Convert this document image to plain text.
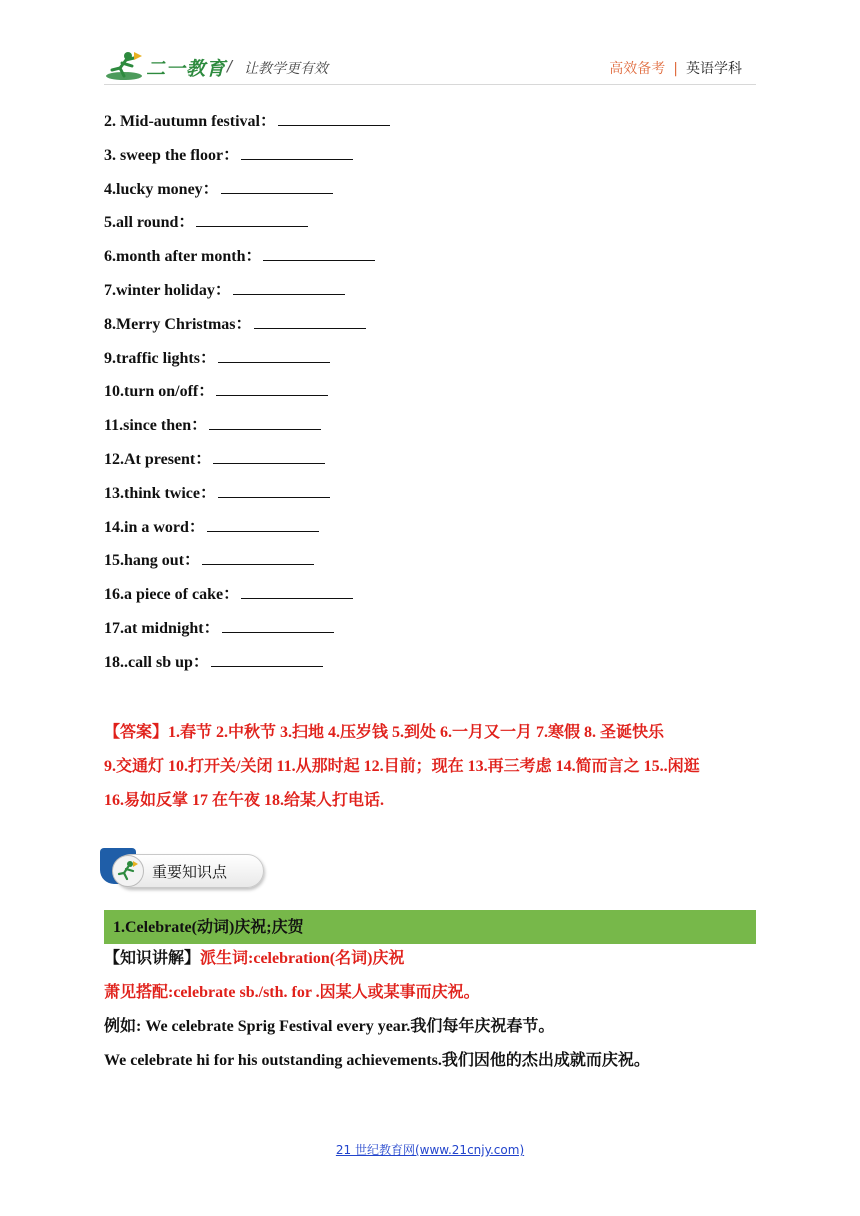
二一教育 / 让教学更有效	高效备考 | 英语学科
2. Mid-autumn festival：
3. sweep the floor：
4.lucky money：
5.all round：
6.month after month：
7.winter holiday：
8.Merry Christmas：
9.traffic lights：
10.turn on/off：
11.since then：
12.At present：
13.think twice：
14.in a word：
15.hang out：
16.a piece of cake：
17.at midnight：
18..call sb up：

【答案】1.春节 2.中秋节 3.扫地 4.压岁钱 5.到处 6.一月又一月 7.寒假 8. 圣诞快乐

9.交通灯 10.打开关/关闭 11.从那时起 12.目前；现在 13.再三考虑 14.简而言之 15..闲逛

16.易如反掌 17 在午夜 18.给某人打电话.

重要知识点
1.Celebrate(动词)庆祝;庆贺

【知识讲解】派生词:celebration(名词)庆祝

萧见搭配:celebrate sb./sth. for .因某人或某事而庆祝。

例如: We celebrate Sprig Festival every year.我们每年庆祝春节。

We celebrate hi for his outstanding achievements.我们因他的杰出成就而庆祝。

21 世纪教育网(www.21cnjy.com)
